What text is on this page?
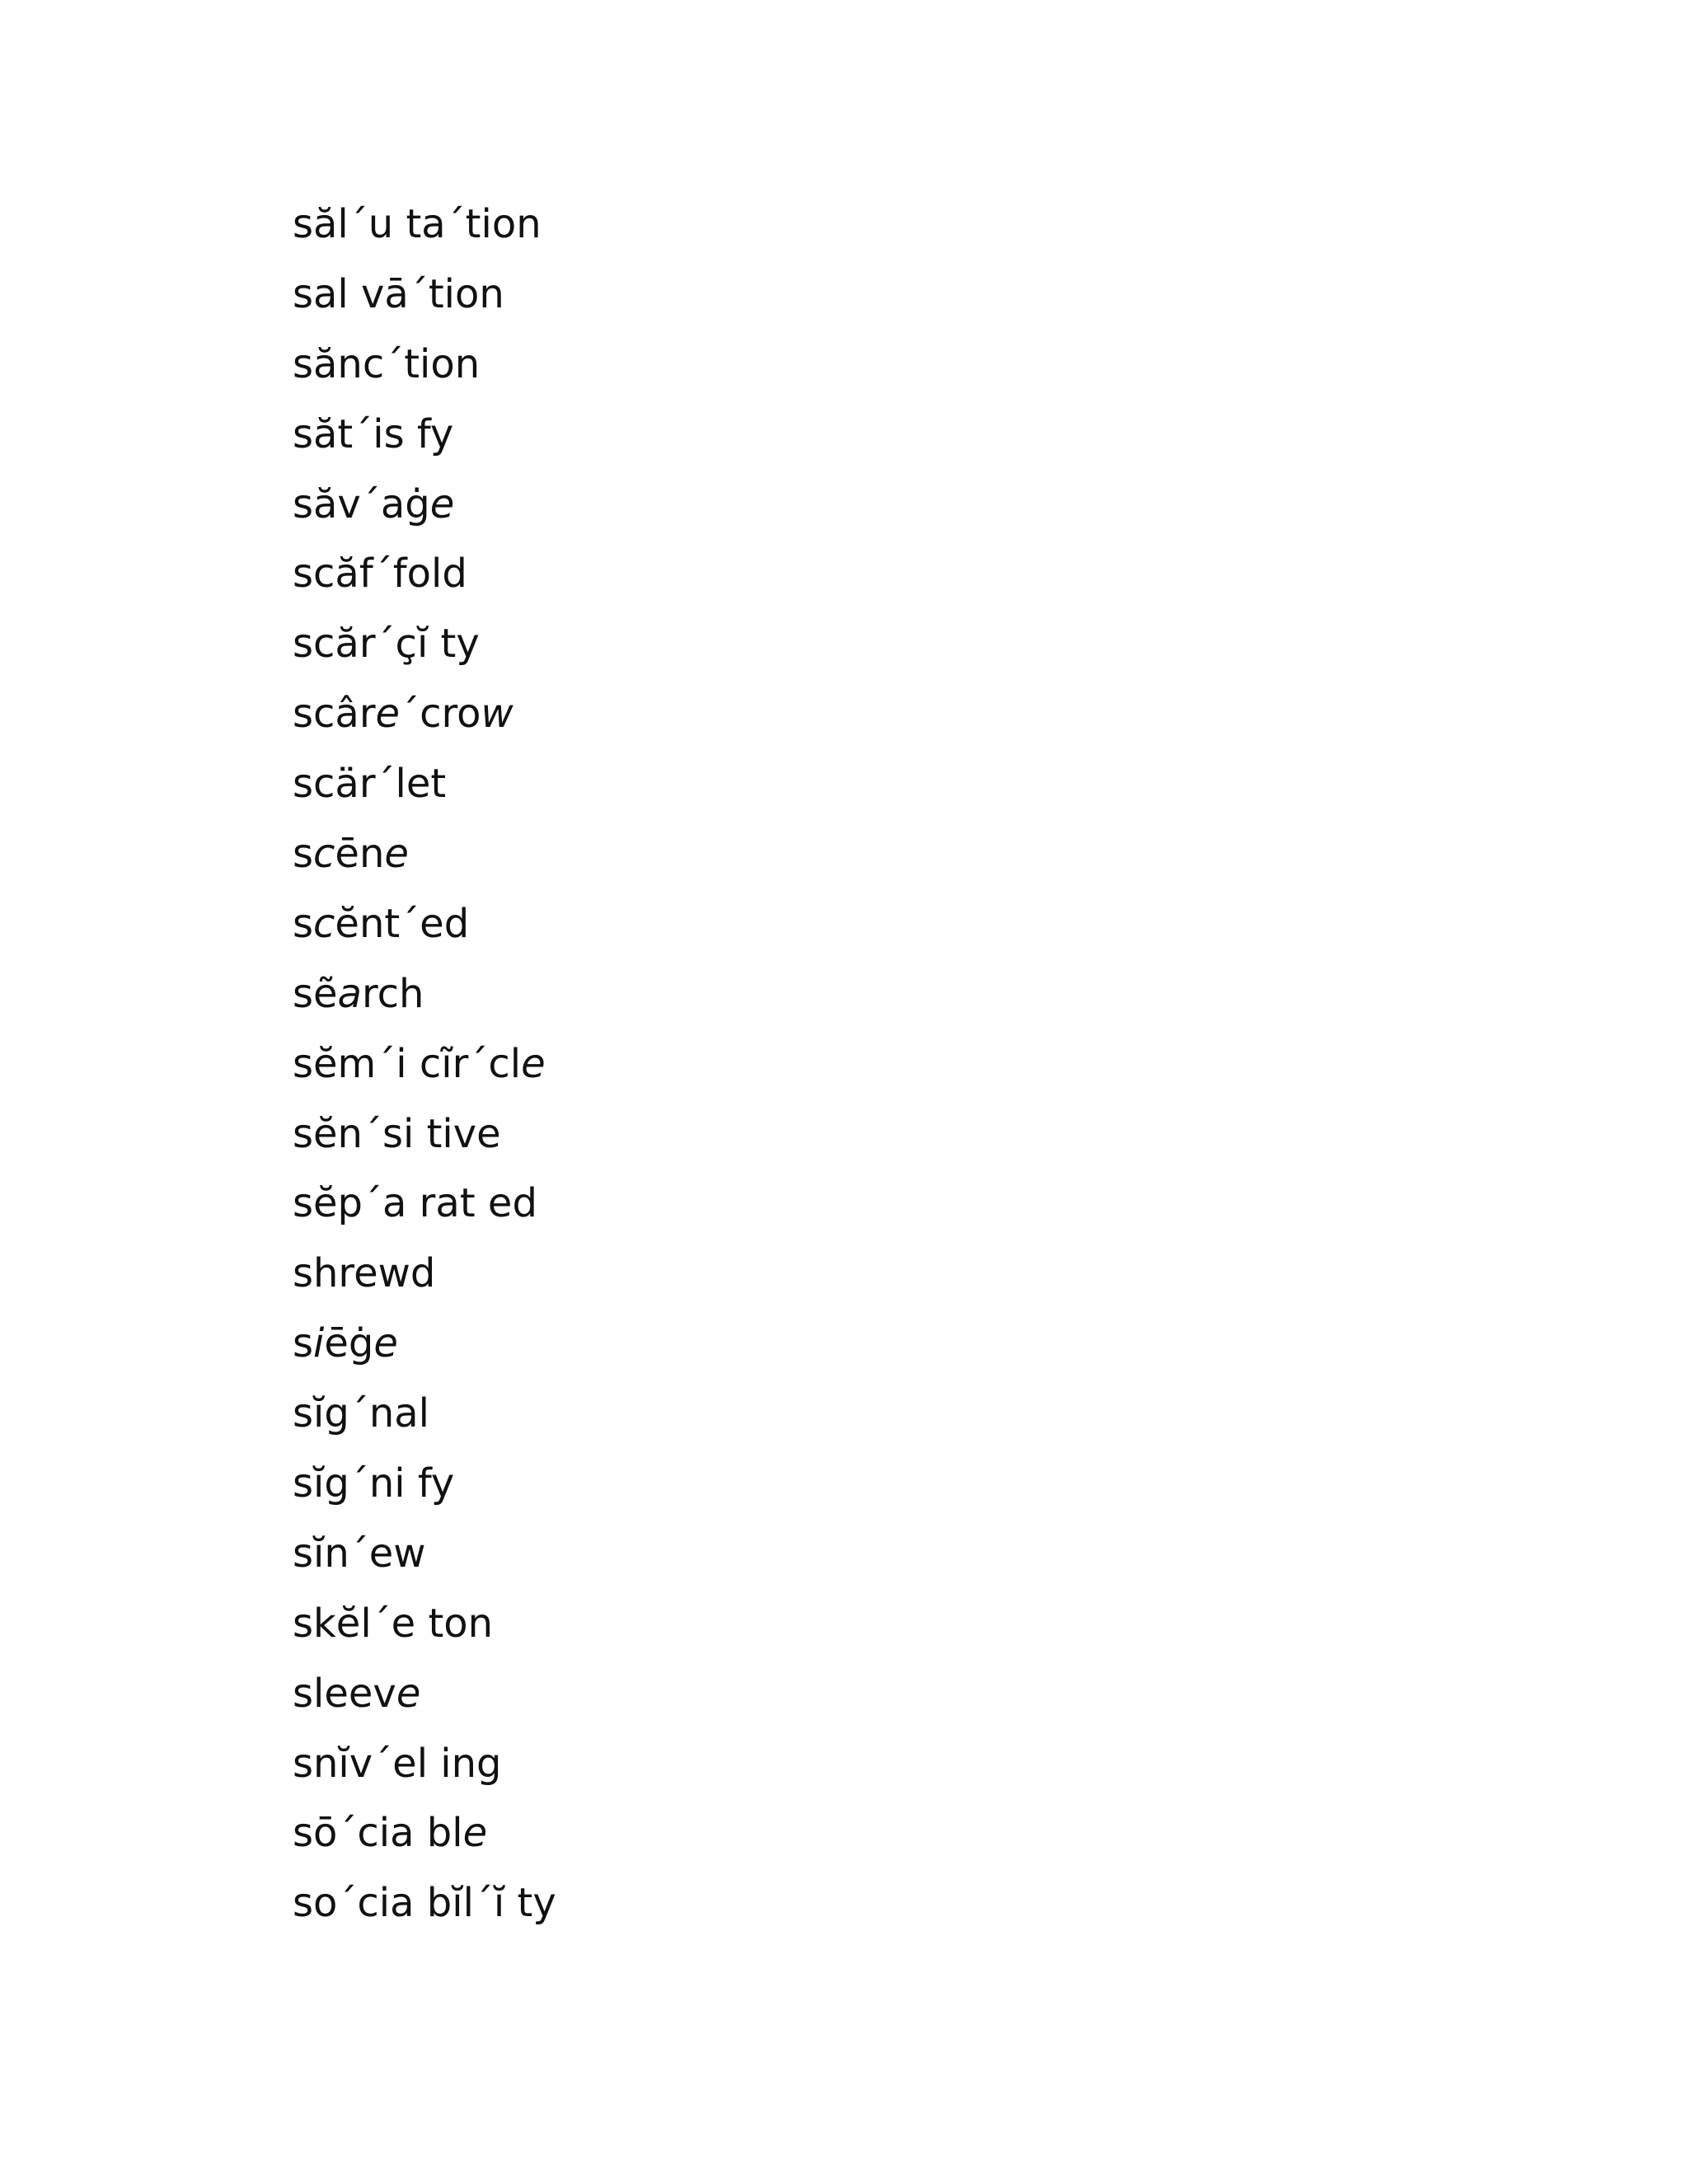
săl´u ta´tion
sal vā´tion
sănc´tion
săt´is fy
săv´aġe
scăf´fold
scăr´çĭ ty
scâre´crow
scär´let
scēne
scĕnt´ed
sẽarch
sĕm´i cĩr´cle
sĕn´si tive
sĕp´a rat ed
shrewd
siēġe
sĭg´nal
sĭg´ni fy
sĭn´ew
skĕl´e ton
sleeve
snĭv´el ing
sō´cia ble
so´cia bĭl´ĭ ty
